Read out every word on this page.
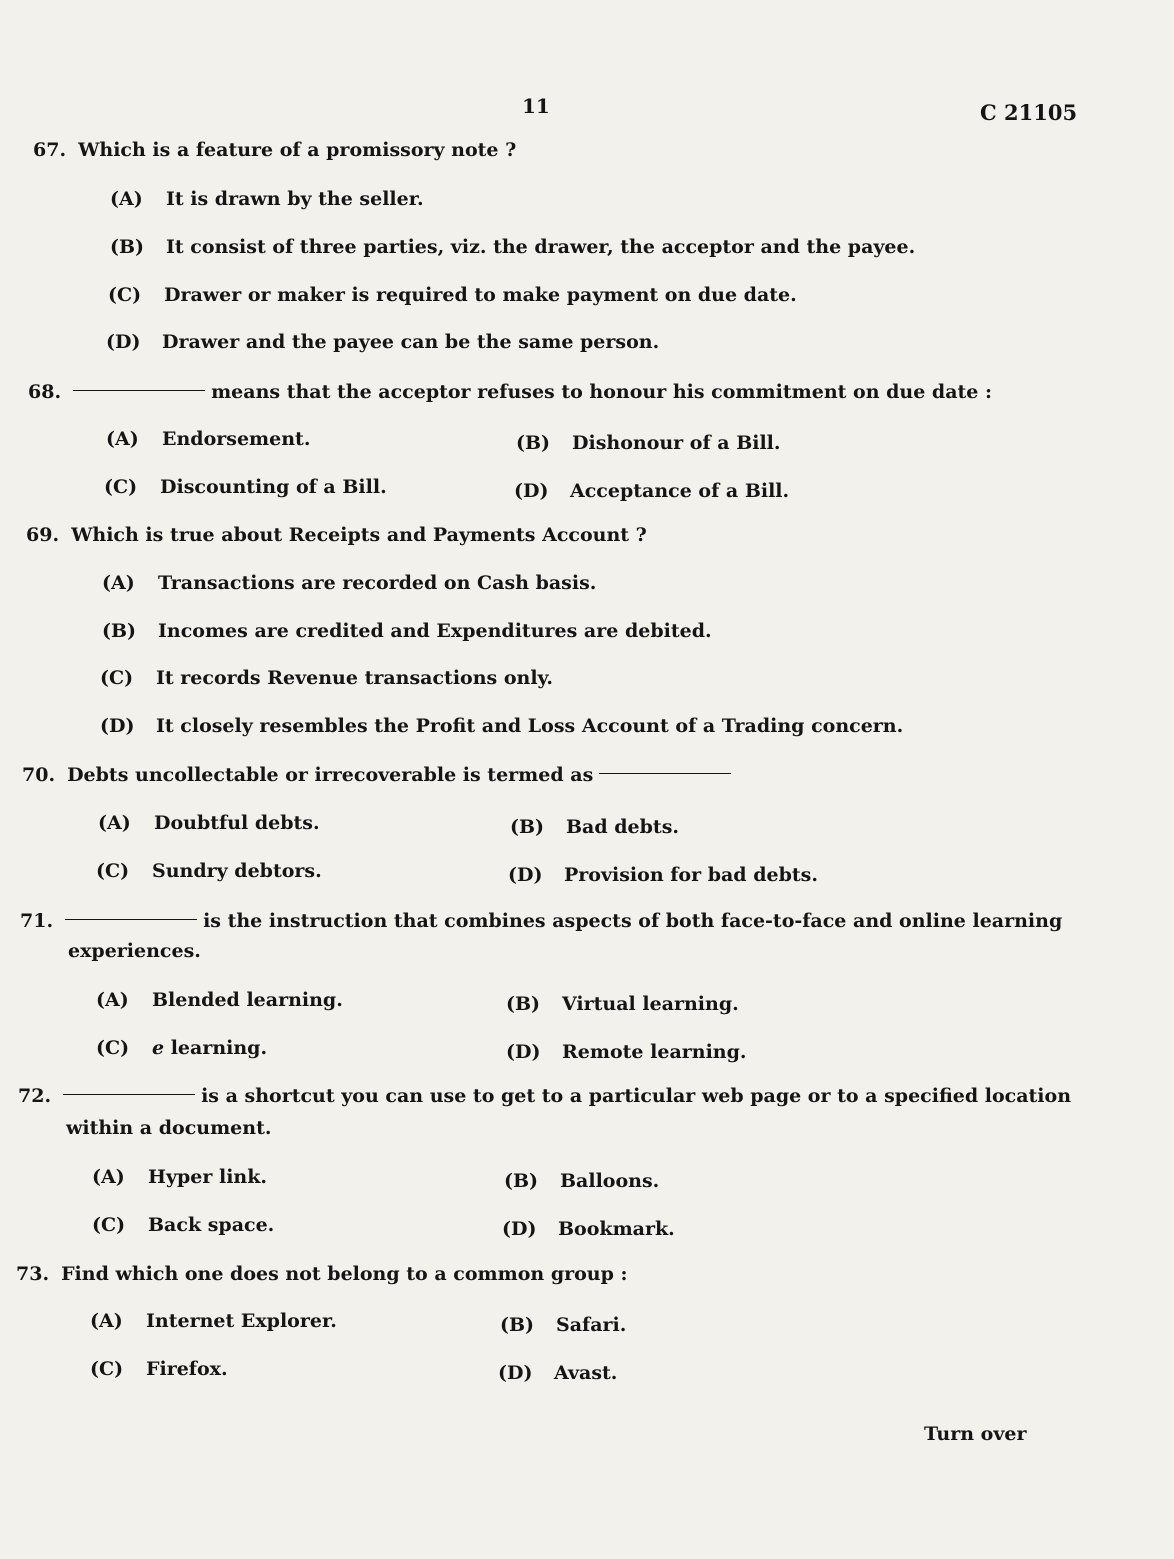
11	C 21105
67. Which is a feature of a promissory note ?
(A) It is drawn by the seller.
(B) It consist of three parties, viz. the drawer, the acceptor and the payee.
(C) Drawer or maker is required to make payment on due date.
(D) Drawer and the payee can be the same person.
68.	means that the acceptor refuses to honour his commitment on due date :
(A) Endorsement.	(B) Dishonour of a Bill.
(C) Discounting of a Bill.	(D) Acceptance of a Bill.
69. Which is true about Receipts and Payments Account ?
(A) Transactions are recorded on Cash basis.
(B) Incomes are credited and Expenditures are debited.
(C) It records Revenue transactions only.
(D) It closely resembles the Profit and Loss Account of a Trading concern.
70. Debts uncollectable or irrecoverable is termed as
(A) Doubtful debts.	(B) Bad debts.
(C) Sundry debtors.	(D) Provision for bad debts.
71.	is the instruction that combines aspects of both face-to-face and online learning
experiences.
(A) Blended learning.	(B) Virtual learning.
(C) e learning.	(D) Remote learning.
72.	is a shortcut you can use to get to a particular web page or to a specified location
within a document.
(A) Hyper link.	(B) Balloons.
(C) Back space.	(D) Bookmark.
73. Find which one does not belong to a common group :
(A) Internet Explorer.	(B) Safari.
(C) Firefox.	(D) Avast.
Turn over
